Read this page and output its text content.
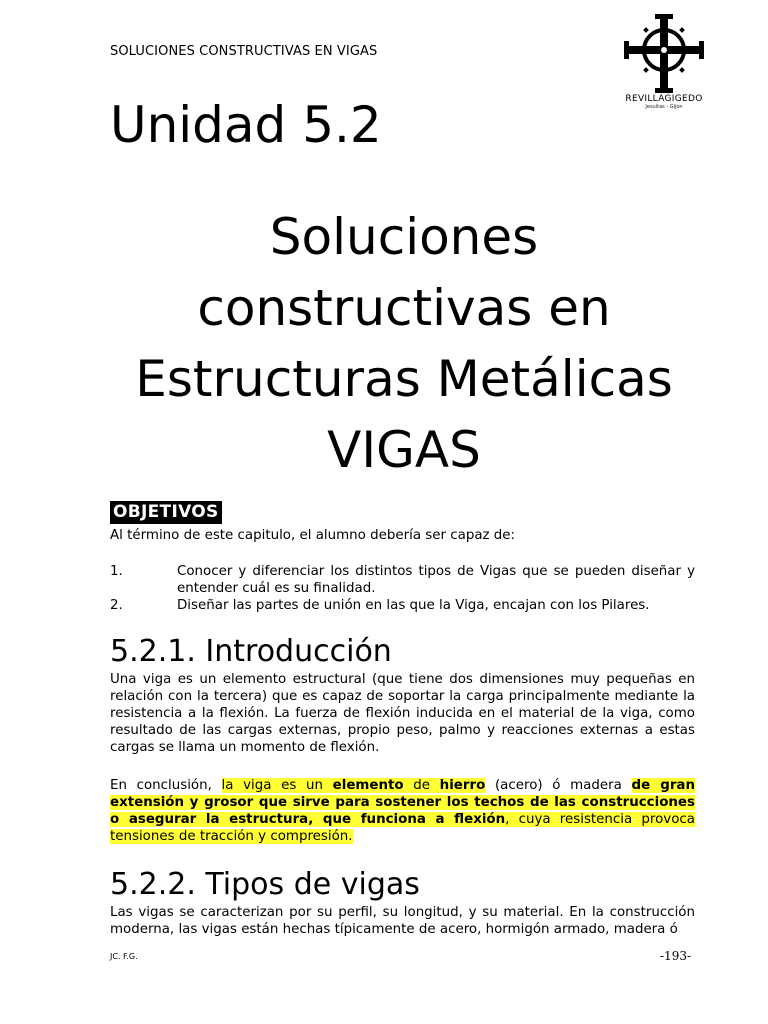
SOLUCIONES CONSTRUCTIVAS EN VIGAS
REVILLAGIGEDO
Jesuitas - Gijón
Unidad 5.2
Soluciones
constructivas en
Estructuras Metálicas
VIGAS
OBJETIVOS
Al término de este capitulo, el alumno debería ser capaz de:
1.	Conocer y diferenciar los distintos tipos de Vigas que se pueden diseñar y entender cuál es su finalidad.
2.	Diseñar las partes de unión en las que la Viga, encajan con los Pilares.
5.2.1. Introducción
Una viga es un elemento estructural (que tiene dos dimensiones muy pequeñas en relación con la tercera) que es capaz de soportar la carga principalmente mediante la resistencia a la flexión. La fuerza de flexión inducida en el material de la viga, como resultado de las cargas externas, propio peso, palmo y reacciones externas a estas cargas se llama un momento de flexión.
En conclusión, la viga es un elemento de hierro (acero) ó madera de gran extensión y grosor que sirve para sostener los techos de las construcciones o asegurar la estructura, que funciona a flexión, cuya resistencia provoca tensiones de tracción y compresión.
5.2.2. Tipos de vigas
Las vigas se caracterizan por su perfil, su longitud, y su material. En la construcción moderna, las vigas están hechas típicamente de acero, hormigón armado, madera ó
JC. F.G.	-193-
